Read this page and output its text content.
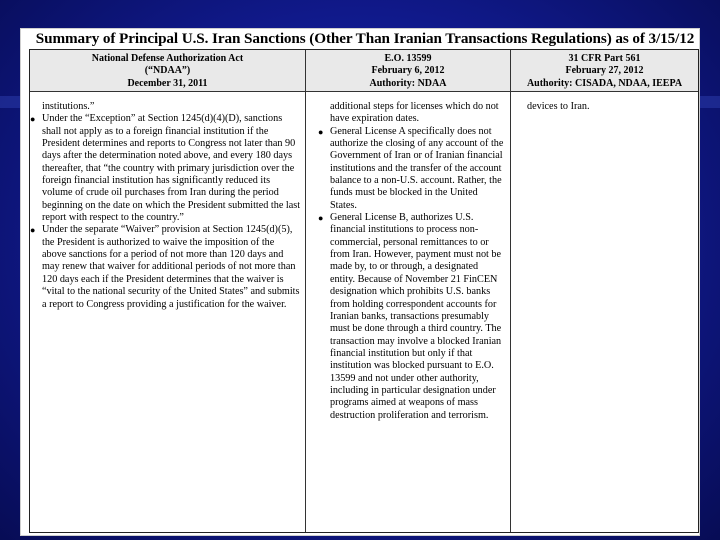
Summary of Principal U.S. Iran Sanctions (Other Than Iranian Transactions Regulations) as of 3/15/12
National Defense Authorization Act
(“NDAA”)
December 31, 2011
E.O. 13599
February 6, 2012
Authority: NDAA
31 CFR Part 561
February 27, 2012
Authority: CISADA, NDAA, IEEPA
institutions.”
● Under the “Exception” at Section 1245(d)(4)(D), sanctions shall not apply as to a foreign financial institution if the President determines and reports to Congress not later than 90 days after the determination noted above, and every 180 days thereafter, that “the country with primary jurisdiction over the foreign financial institution has significantly reduced its volume of crude oil purchases from Iran during the period beginning on the date on which the President submitted the last report with respect to the country.”
● Under the separate “Waiver” provision at Section 1245(d)(5), the President is authorized to waive the imposition of the above sanctions for a period of not more than 120 days and may renew that waiver for additional periods of not more than 120 days each if the President determines that the waiver is “vital to the national security of the United States” and submits a report to Congress providing a justification for the waiver.
additional steps for licenses which do not have expiration dates.
● General License A specifically does not authorize the closing of any account of the Government of Iran or of Iranian financial institutions and the transfer of the account balance to a non-U.S. account. Rather, the funds must be blocked in the United States.
● General License B, authorizes U.S. financial institutions to process non-commercial, personal remittances to or from Iran. However, payment must not be made by, to or through, a designated entity. Because of November 21 FinCEN designation which prohibits U.S. banks from holding correspondent accounts for Iranian banks, transactions presumably must be done through a third country. The transaction may involve a blocked Iranian financial institution but only if that institution was blocked pursuant to E.O. 13599 and not under other authority, including in particular designation under programs aimed at weapons of mass destruction proliferation and terrorism.
devices to Iran.
